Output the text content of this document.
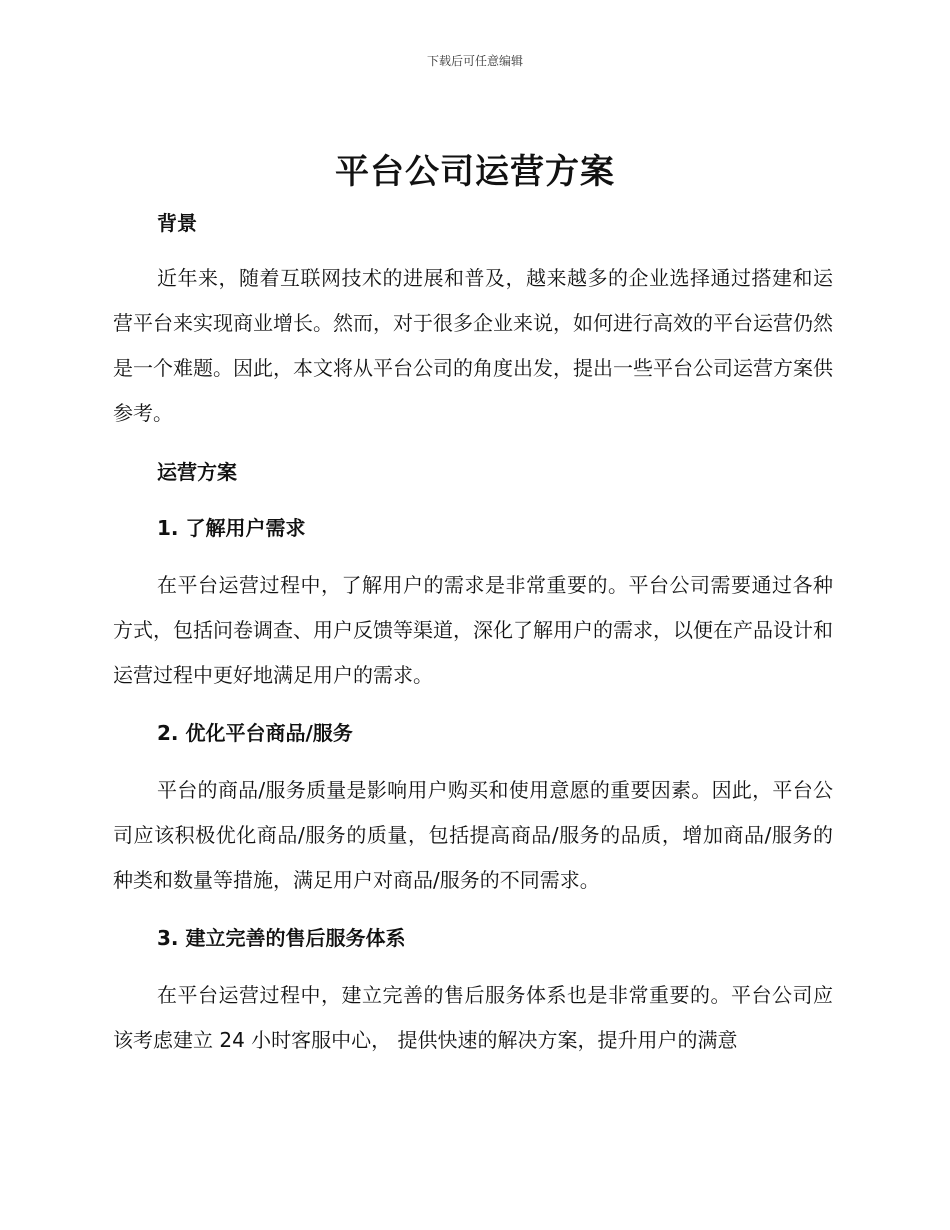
下载后可任意编辑
平台公司运营方案
背景

近年来，随着互联网技术的进展和普及，越来越多的企业选择通过搭建和运营平台来实现商业增长。然而，对于很多企业来说，如何进行高效的平台运营仍然是一个难题。因此，本文将从平台公司的角度出发，提出一些平台公司运营方案供参考。

运营方案
1. 了解用户需求

在平台运营过程中，了解用户的需求是非常重要的。平台公司需要通过各种方式，包括问卷调查、用户反馈等渠道，深化了解用户的需求，以便在产品设计和运营过程中更好地满足用户的需求。

2. 优化平台商品/服务

平台的商品/服务质量是影响用户购买和使用意愿的重要因素。因此，平台公司应该积极优化商品/服务的质量，包括提高商品/服务的品质，增加商品/服务的种类和数量等措施，满足用户对商品/服务的不同需求。

3. 建立完善的售后服务体系

在平台运营过程中，建立完善的售后服务体系也是非常重要的。平台公司应该考虑建立 24 小时客服中心， 提供快速的解决方案，提升用户的满意
